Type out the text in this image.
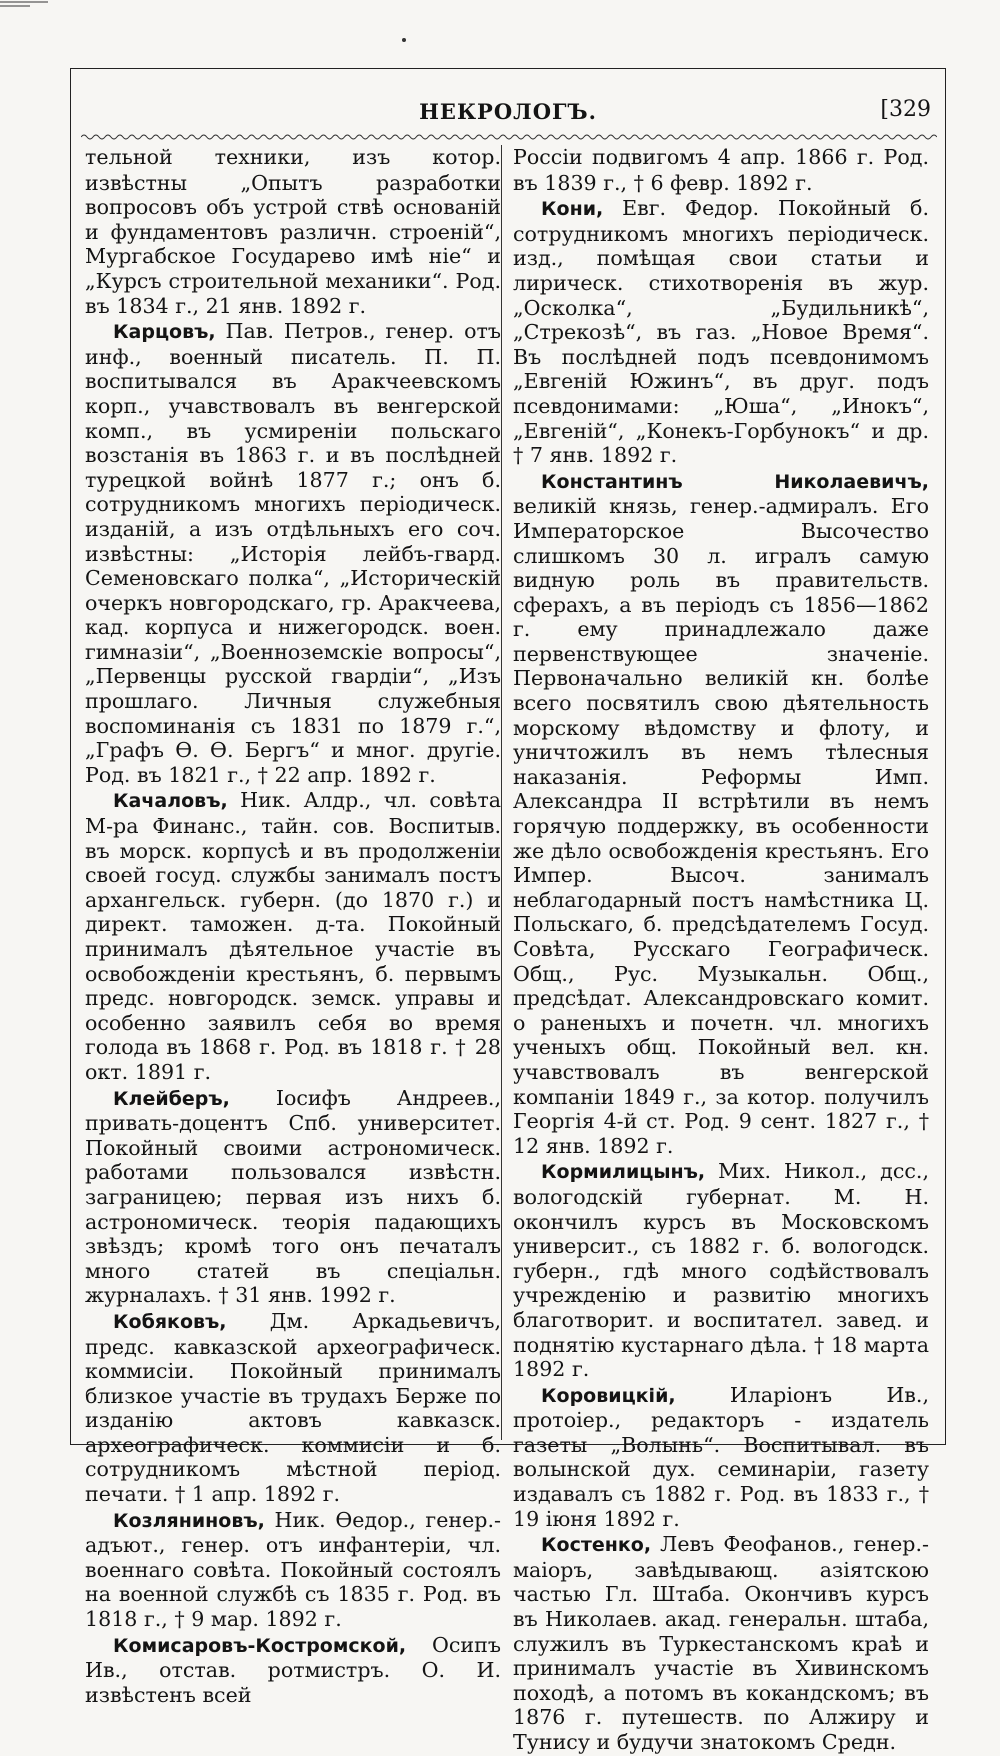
НЕКРОЛОГЪ.	[329

тельной техники, изъ котор. извѣстны „Опытъ разработки вопросовъ объ устрой ствѣ основаній и фундаментовъ различн. строеній“, Мургабское Государево имѣ ніе“ и „Курсъ строительной механики“. Род. въ 1834 г., 21 янв. 1892 г.

Карцовъ, Пав. Петров., генер. отъ инф., военный писатель. П. П. воспитывался въ Аракчеевскомъ корп., учавствовалъ въ венгерской комп., въ усмиреніи польскаго возстанія въ 1863 г. и въ послѣдней турецкой войнѣ 1877 г.; онъ б. сотрудникомъ многихъ періодическ. изданій, а изъ отдѣльныхъ его соч. извѣстны: „Исторія лейбъ-гвард. Семеновскаго полка“, „Историческій очеркъ новгородскаго, гр. Аракчеева, кад. корпуса и нижегородск. воен. гимназіи“, „Военноземскіе вопросы“, „Первенцы русской гвардіи“, „Изъ прошлаго. Личныя служебныя воспоминанія съ 1831 по 1879 г.“, „Графъ Ѳ. Ѳ. Бергъ“ и мног. другіе. Род. въ 1821 г., † 22 апр. 1892 г.

Качаловъ, Ник. Алдр., чл. совѣта М-ра Финанс., тайн. сов. Воспитыв. въ морск. корпусѣ и въ продолженіи своей госуд. службы занималъ постъ архангельск. губерн. (до 1870 г.) и директ. таможен. д-та. Покойный принималъ дѣятельное участіе въ освобожденіи крестьянъ, б. первымъ предс. новгородск. земск. управы и особенно заявилъ себя во время голода въ 1868 г. Род. въ 1818 г. † 28 окт. 1891 г.

Клейберъ, Іосифъ Андреев., привать-доцентъ Спб. университет. Покойный своими астрономическ. работами пользовался извѣстн. заграницею; первая изъ нихъ б. астрономическ. теорія падающихъ звѣздъ; кромѣ того онъ печаталъ много статей въ спеціальн. журналахъ. † 31 янв. 1992 г.

Кобяковъ, Дм. Аркадьевичъ, предс. кавказской археографическ. коммисіи. Покойный принималъ близкое участіе въ трудахъ Берже по изданію актовъ кавказск. археографическ. коммисіи и б. сотрудникомъ мѣстной період. печати. † 1 апр. 1892 г.

Козляниновъ, Ник. Ѳедор., генер.-адъют., генер. отъ инфантеріи, чл. военнаго совѣта. Покойный состоялъ на военной службѣ съ 1835 г. Род. въ 1818 г., † 9 мар. 1892 г.

Комисаровъ-Костромской, Осипъ Ив., отстав. ротмистръ. О. И. извѣстенъ всей

Россіи подвигомъ 4 апр. 1866 г. Род. въ 1839 г., † 6 февр. 1892 г.

Кони, Евг. Федор. Покойный б. сотрудникомъ многихъ періодическ. изд., помѣщая свои статьи и лирическ. стихотворенія въ жур. „Осколка“, „Будильникѣ“, „Стрекозѣ“, въ газ. „Новое Время“. Въ послѣдней подъ псевдонимомъ „Евгеній Южинъ“, въ друг. подъ псевдонимами: „Юша“, „Инокъ“, „Евгеній“, „Конекъ-Горбунокъ“ и др. † 7 янв. 1892 г.

Константинъ Николаевичъ, великій князь, генер.-адмиралъ. Его Императорское Высочество слишкомъ 30 л. игралъ самую видную роль въ правительств. сферахъ, а въ періодъ съ 1856—1862 г. ему принадлежало даже первенствующее значеніе. Первоначально великій кн. болѣе всего посвятилъ свою дѣятельность морскому вѣдомству и флоту, и уничтожилъ въ немъ тѣлесныя наказанія. Реформы Имп. Александра II встрѣтили въ немъ горячую поддержку, въ особенности же дѣло освобожденія крестьянъ. Его Импер. Высоч. занималъ неблагодарный постъ намѣстника Ц. Польскаго, б. предсѣдателемъ Госуд. Совѣта, Русскаго Географическ. Общ., Рус. Музыкальн. Общ., предсѣдат. Александровскаго комит. о раненыхъ и почетн. чл. многихъ ученыхъ общ. Покойный вел. кн. учавствовалъ въ венгерской компаніи 1849 г., за котор. получилъ Георгія 4-й ст. Род. 9 сент. 1827 г., † 12 янв. 1892 г.

Кормилицынъ, Мих. Никол., дсс., вологодскій губернат. М. Н. окончилъ курсъ въ Московскомъ университ., съ 1882 г. б. вологодск. губерн., гдѣ много содѣйствовалъ учрежденію и развитію многихъ благотворит. и воспитател. завед. и поднятію кустарнаго дѣла. † 18 марта 1892 г.

Коровицкій, Иларіонъ Ив., протоіер., редакторъ - издатель газеты „Волынь“. Воспитывал. въ волынской дух. семинаріи, газету издавалъ съ 1882 г. Род. въ 1833 г., † 19 іюня 1892 г.

Костенко, Левъ Феофанов., генер.-маіоръ, завѣдывающ. азіятскою частью Гл. Штаба. Окончивъ курсъ въ Николаев. акад. генеральн. штаба, служилъ въ Туркестанскомъ краѣ и принималъ участіе въ Хивинскомъ походѣ, а потомъ въ кокандскомъ; въ 1876 г. путешеств. по Алжиру и Тунису и будучи знатокомъ Средн.
